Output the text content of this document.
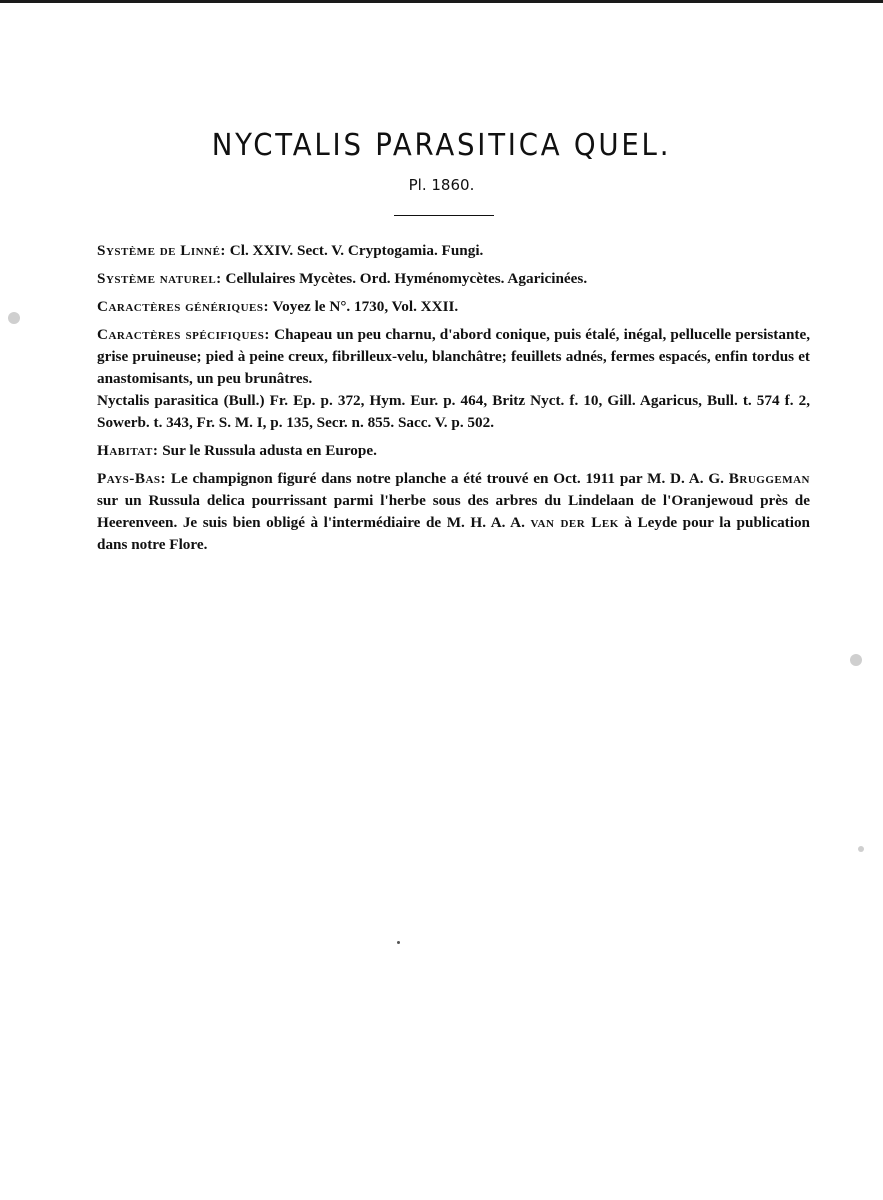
NYCTALIS PARASITICA QUEL.
Pl. 1860.

Système de Linné: Cl. XXIV. Sect. V. Cryptogamia. Fungi.

Système naturel: Cellulaires Mycètes. Ord. Hyménomycètes. Agaricinées.

Caractères génériques: Voyez le N°. 1730, Vol. XXII.

Caractères spécifiques: Chapeau un peu charnu, d'abord conique, puis étalé, inégal, pellucelle persistante, grise pruineuse; pied à peine creux, fibrilleux-velu, blanchâtre; feuillets adnés, fermes espacés, enfin tordus et anastomisants, un peu brunâtres.

Nyctalis parasitica (Bull.) Fr. Ep. p. 372, Hym. Eur. p. 464, Britz Nyct. f. 10, Gill. Agaricus, Bull. t. 574 f. 2, Sowerb. t. 343, Fr. S. M. I, p. 135, Secr. n. 855. Sacc. V. p. 502.

Habitat: Sur le Russula adusta en Europe.

Pays-Bas: Le champignon figuré dans notre planche a été trouvé en Oct. 1911 par M. D. A. G. Bruggeman sur un Russula delica pourrissant parmi l'herbe sous des arbres du Lindelaan de l'Oranjewoud près de Heerenveen. Je suis bien obligé à l'intermédiaire de M. H. A. A. van der Lek à Leyde pour la publication dans notre Flore.
